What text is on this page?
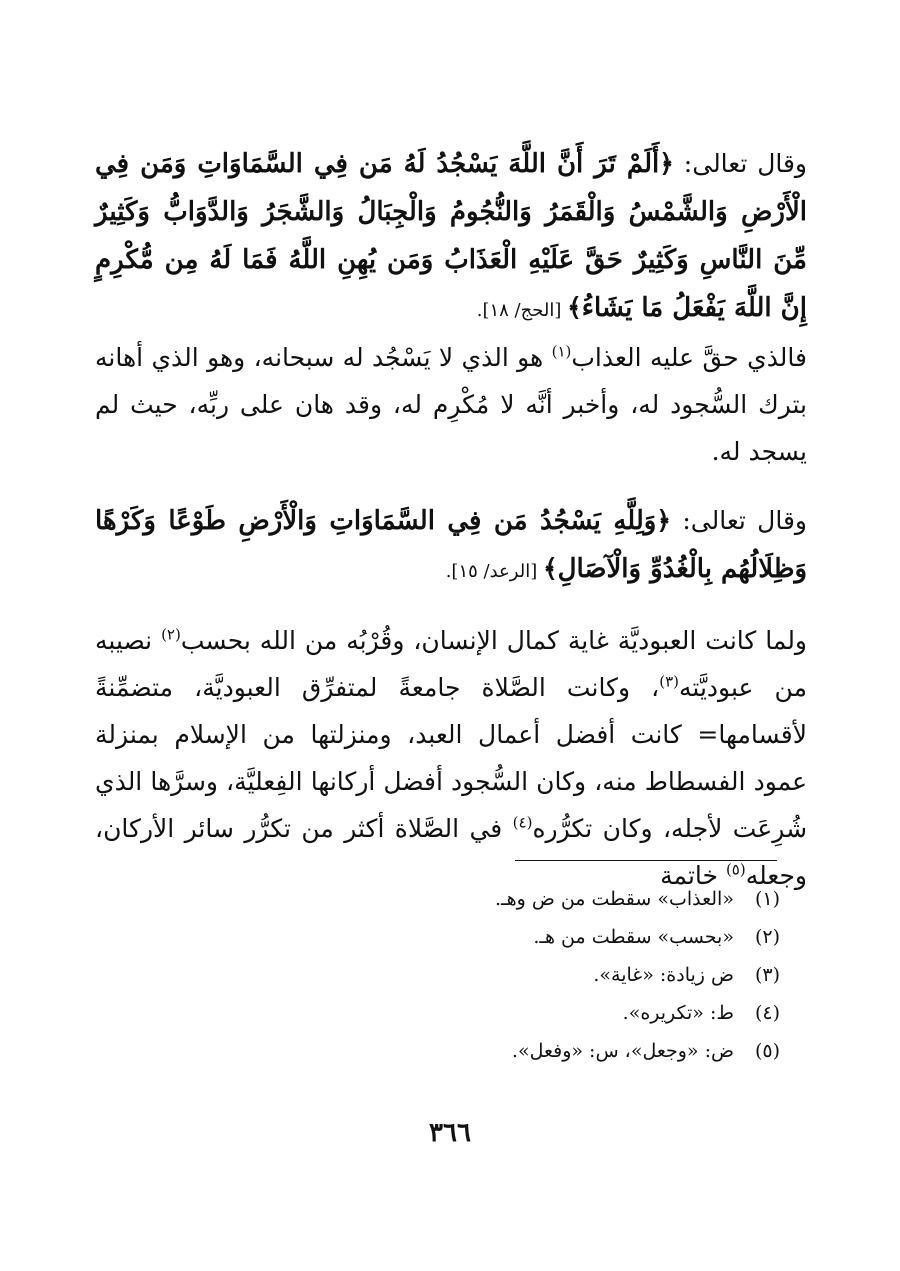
وقال تعالى: ﴿أَلَمْ تَرَ أَنَّ اللَّهَ يَسْجُدُ لَهُ مَن فِي السَّمَاوَاتِ وَمَن فِي الْأَرْضِ وَالشَّمْسُ وَالْقَمَرُ وَالنُّجُومُ وَالْجِبَالُ وَالشَّجَرُ وَالدَّوَابُّ وَكَثِيرٌ مِّنَ النَّاسِ وَكَثِيرٌ حَقَّ عَلَيْهِ الْعَذَابُ وَمَن يُهِنِ اللَّهُ فَمَا لَهُ مِن مُّكْرِمٍ إِنَّ اللَّهَ يَفْعَلُ مَا يَشَاءُ﴾ [الحج/ ١٨].

فالذي حقَّ عليه العذاب$^{(١)}$ هو الذي لا يَسْجُد له سبحانه، وهو الذي أهانه بترك السُّجود له، وأخبر أنَّه لا مُكْرِم له، وقد هان على ربِّه، حيث لم يسجد له.

وقال تعالى: ﴿وَلِلَّهِ يَسْجُدُ مَن فِي السَّمَاوَاتِ وَالْأَرْضِ طَوْعًا وَكَرْهًا وَظِلَالُهُم بِالْغُدُوِّ وَالْآصَالِ﴾ [الرعد/ ١٥].

ولما كانت العبوديَّة غاية كمال الإنسان، وقُرْبُه من الله بحسب$^{(٢)}$ نصيبه من عبوديَّته$^{(٣)}$، وكانت الصَّلاة جامعةً لمتفرِّق العبوديَّة، متضمِّنةً لأقسامها= كانت أفضل أعمال العبد، ومنزلتها من الإسلام بمنزلة عمود الفسطاط منه، وكان السُّجود أفضل أركانها الفِعليَّة، وسرَّها الذي شُرِعَت لأجله، وكان تكرُّره$^{(٤)}$ في الصَّلاة أكثر من تكرُّر سائر الأركان، وجعله$^{(٥)}$ خاتمة

(١) «العذاب» سقطت من ض وهـ.
(٢) «بحسب» سقطت من هـ.
(٣) ض زيادة: «غاية».
(٤) ط: «تكريره».
(٥) ض: «وجعل»، س: «وفعل».
٣٦٦
